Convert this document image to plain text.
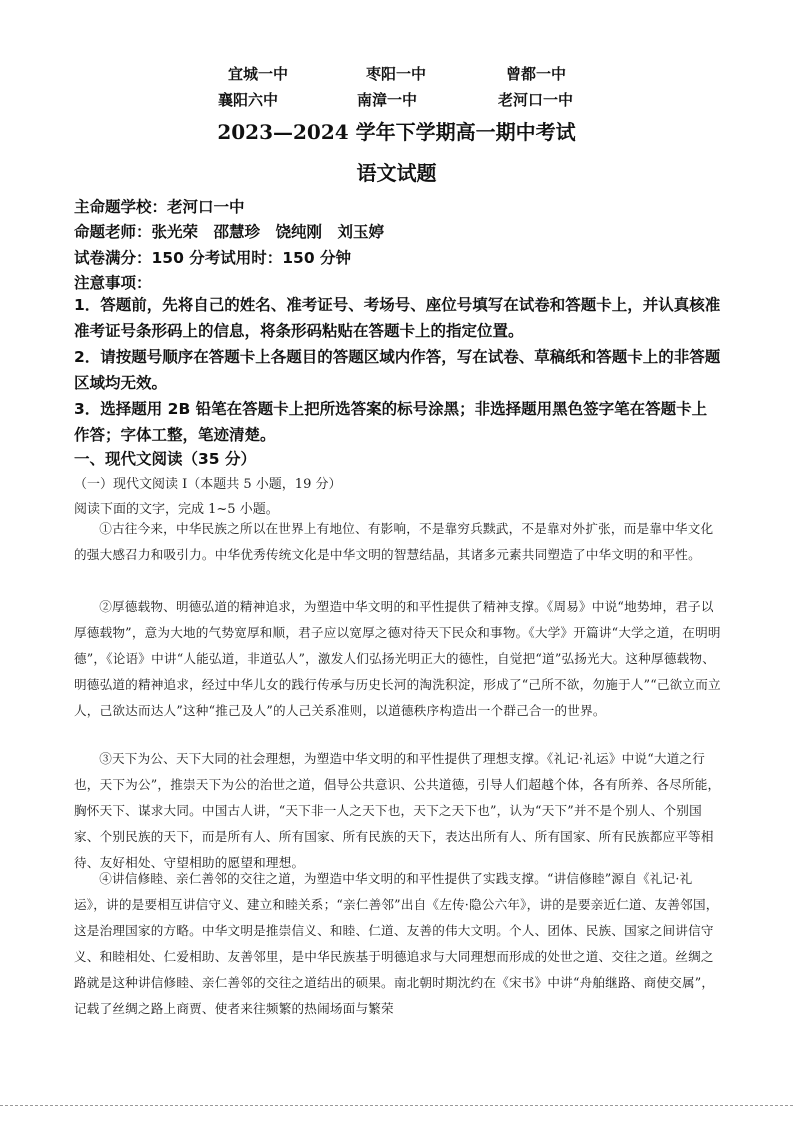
宜城一中	枣阳一中	曾都一中
襄阳六中	南漳一中	老河口一中
2023—2024 学年下学期高一期中考试
语文试题
主命题学校：老河口一中
命题老师：张光荣　邵慧珍　饶纯刚　刘玉婷
试卷满分：150 分考试用时：150 分钟
注意事项：
1．答题前，先将自己的姓名、准考证号、考场号、座位号填写在试卷和答题卡上，并认真核准准考证号条形码上的信息，将条形码粘贴在答题卡上的指定位置。
2．请按题号顺序在答题卡上各题目的答题区域内作答，写在试卷、草稿纸和答题卡上的非答题区域均无效。
3．选择题用 2B 铅笔在答题卡上把所选答案的标号涂黑；非选择题用黑色签字笔在答题卡上作答；字体工整，笔迹清楚。
一、现代文阅读（35 分）
（一）现代文阅读 I（本题共 5 小题，19 分）
阅读下面的文字，完成 1~5 小题。
①古往今来，中华民族之所以在世界上有地位、有影响，不是靠穷兵黩武，不是靠对外扩张，而是靠中华文化的强大感召力和吸引力。中华优秀传统文化是中华文明的智慧结晶，其诸多元素共同塑造了中华文明的和平性。
②厚德载物、明德弘道的精神追求，为塑造中华文明的和平性提供了精神支撑。《周易》中说“地势坤，君子以厚德载物”，意为大地的气势宽厚和顺，君子应以宽厚之德对待天下民众和事物。《大学》开篇讲“大学之道，在明明德”，《论语》中讲“人能弘道，非道弘人”，激发人们弘扬光明正大的德性，自觉把“道”弘扬光大。这种厚德载物、明德弘道的精神追求，经过中华儿女的践行传承与历史长河的淘洗积淀，形成了“己所不欲，勿施于人”“己欲立而立人，己欲达而达人”这种“推己及人”的人己关系准则，以道德秩序构造出一个群己合一的世界。
③天下为公、天下大同的社会理想，为塑造中华文明的和平性提供了理想支撑。《礼记·礼运》中说“大道之行也，天下为公”，推崇天下为公的治世之道，倡导公共意识、公共道德，引导人们超越个体，各有所养、各尽所能，胸怀天下、谋求大同。中国古人讲，“天下非一人之天下也，天下之天下也”，认为“天下”并不是个别人、个别国家、个别民族的天下，而是所有人、所有国家、所有民族的天下，表达出所有人、所有国家、所有民族都应平等相待、友好相处、守望相助的愿望和理想。
④讲信修睦、亲仁善邻的交往之道，为塑造中华文明的和平性提供了实践支撑。“讲信修睦”源自《礼记·礼运》，讲的是要相互讲信守义、建立和睦关系；“亲仁善邻”出自《左传·隐公六年》，讲的是要亲近仁道、友善邻国，这是治理国家的方略。中华文明是推崇信义、和睦、仁道、友善的伟大文明。个人、团体、民族、国家之间讲信守义、和睦相处、仁爱相助、友善邻里，是中华民族基于明德追求与大同理想而形成的处世之道、交往之道。丝绸之路就是这种讲信修睦、亲仁善邻的交往之道结出的硕果。南北朝时期沈约在《宋书》中讲“舟舶继路、商使交属”，记载了丝绸之路上商贾、使者来往频繁的热闹场面与繁荣
